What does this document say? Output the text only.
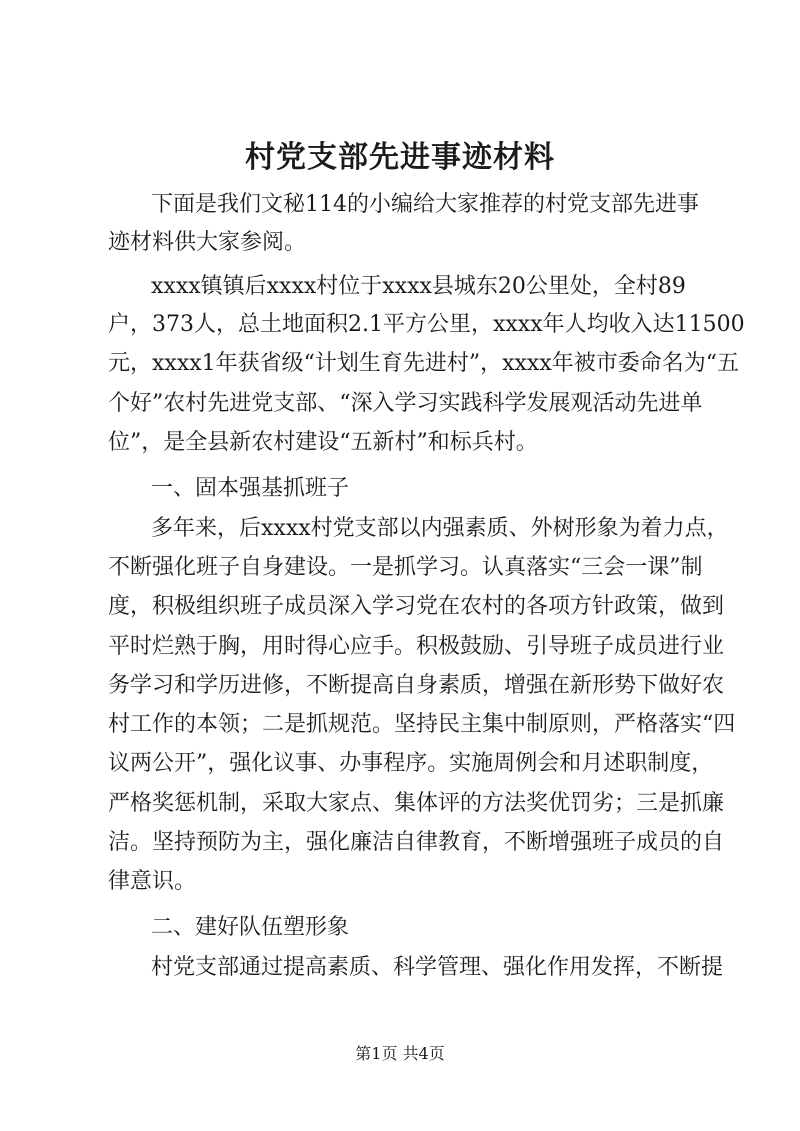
村党支部先进事迹材料
下面是我们文秘114的小编给大家推荐的村党支部先进事
迹材料供大家参阅。
xxxx镇镇后xxxx村位于xxxx县城东20公里处，全村89
户，373人，总土地面积2.1平方公里，xxxx年人均收入达11500
元，xxxx1年获省级“计划生育先进村”，xxxx年被市委命名为“五
个好”农村先进党支部、“深入学习实践科学发展观活动先进单
位”，是全县新农村建设“五新村”和标兵村。
一、固本强基抓班子
多年来，后xxxx村党支部以内强素质、外树形象为着力点，
不断强化班子自身建设。一是抓学习。认真落实“三会一课”制
度，积极组织班子成员深入学习党在农村的各项方针政策，做到
平时烂熟于胸，用时得心应手。积极鼓励、引导班子成员进行业
务学习和学历进修，不断提高自身素质，增强在新形势下做好农
村工作的本领；二是抓规范。坚持民主集中制原则，严格落实“四
议两公开”，强化议事、办事程序。实施周例会和月述职制度，
严格奖惩机制，采取大家点、集体评的方法奖优罚劣；三是抓廉
洁。坚持预防为主，强化廉洁自律教育，不断增强班子成员的自
律意识。
二、建好队伍塑形象
村党支部通过提高素质、科学管理、强化作用发挥，不断提
第1页 共4页
